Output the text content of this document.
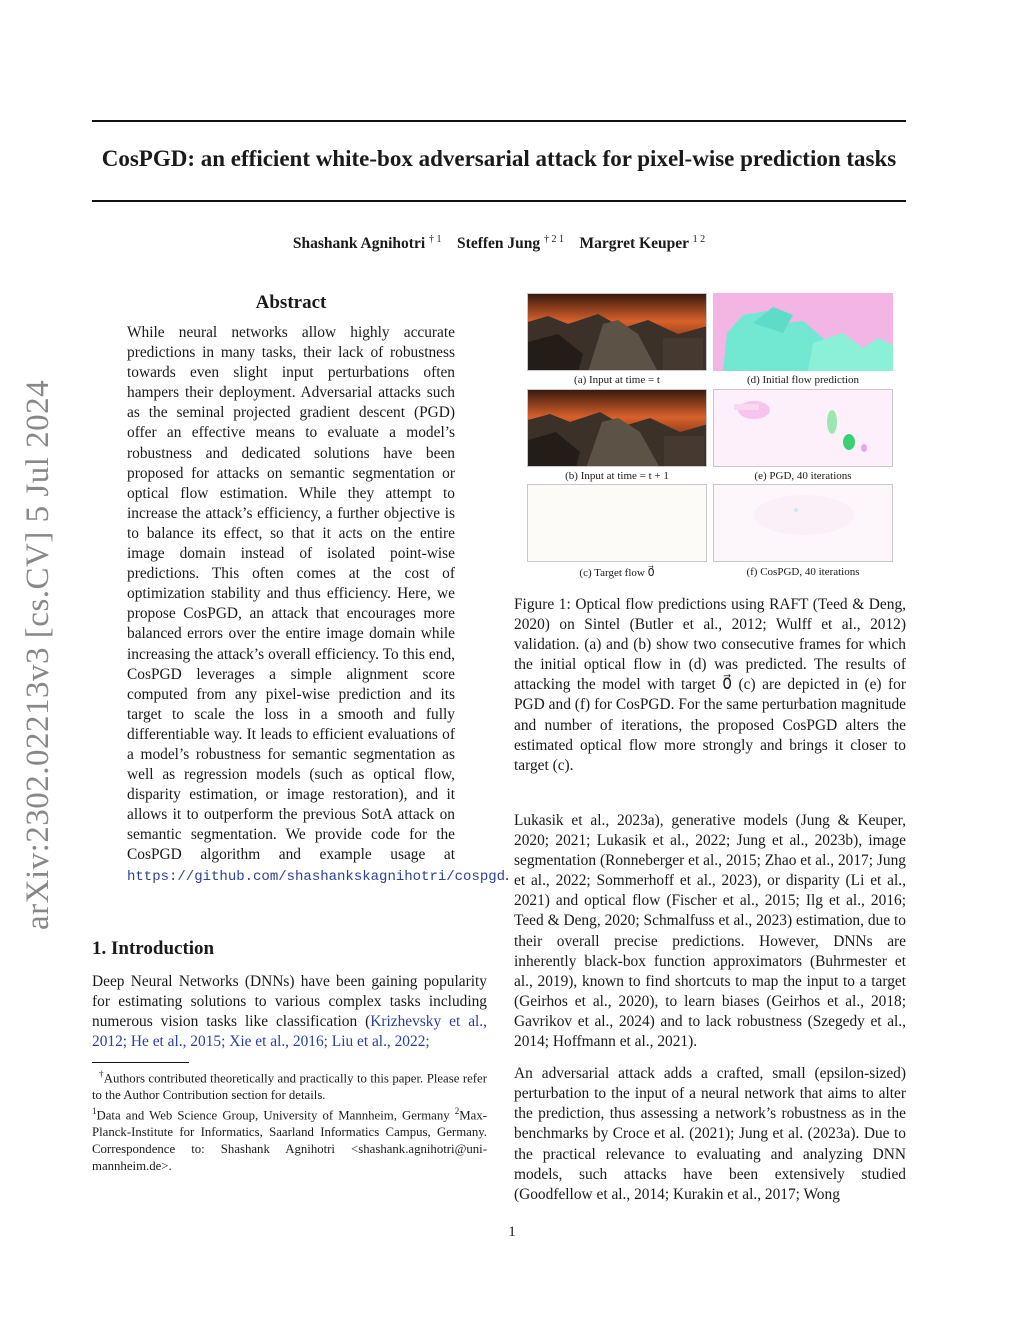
CosPGD: an efficient white-box adversarial attack for pixel-wise prediction tasks
Shashank Agnihotri $^{\dagger 1}$ Steffen Jung $^{\dagger 2 1}$ Margret Keuper $^{1 2}$
arXiv:2302.02213v3 [cs.CV] 5 Jul 2024
Abstract
While neural networks allow highly accurate predictions in many tasks, their lack of robustness towards even slight input perturbations often hampers their deployment. Adversarial attacks such as the seminal projected gradient descent (PGD) offer an effective means to evaluate a model’s robustness and dedicated solutions have been proposed for attacks on semantic segmentation or optical flow estimation. While they attempt to increase the attack’s efficiency, a further objective is to balance its effect, so that it acts on the entire image domain instead of isolated point-wise predictions. This often comes at the cost of optimization stability and thus efficiency. Here, we propose CosPGD, an attack that encourages more balanced errors over the entire image domain while increasing the attack’s overall efficiency. To this end, CosPGD leverages a simple alignment score computed from any pixel-wise prediction and its target to scale the loss in a smooth and fully differentiable way. It leads to efficient evaluations of a model’s robustness for semantic segmentation as well as regression models (such as optical flow, disparity estimation, or image restoration), and it allows it to outperform the previous SotA attack on semantic segmentation. We provide code for the CosPGD algorithm and example usage at https://github.com/shashankskagnihotri/cospgd.
1. Introduction
Deep Neural Networks (DNNs) have been gaining popularity for estimating solutions to various complex tasks including numerous vision tasks like classification (Krizhevsky et al., 2012; He et al., 2015; Xie et al., 2016; Liu et al., 2022;
†Authors contributed theoretically and practically to this paper. Please refer to the Author Contribution section for details.
$^1$Data and Web Science Group, University of Mannheim, Germany $^2$Max-Planck-Institute for Informatics, Saarland Informatics Campus, Germany. Correspondence to: Shashank Agnihotri <shashank.agnihotri@uni-mannheim.de>.
(a) Input at time = t	(d) Initial flow prediction
(b) Input at time = t + 1	(e) PGD, 40 iterations
(c) Target flow 0⃗	(f) CosPGD, 40 iterations
Figure 1: Optical flow predictions using RAFT (Teed & Deng, 2020) on Sintel (Butler et al., 2012; Wulff et al., 2012) validation. (a) and (b) show two consecutive frames for which the initial optical flow in (d) was predicted. The results of attacking the model with target 0⃗ (c) are depicted in (e) for PGD and (f) for CosPGD. For the same perturbation magnitude and number of iterations, the proposed CosPGD alters the estimated optical flow more strongly and brings it closer to target (c).

Lukasik et al., 2023a), generative models (Jung & Keuper, 2020; 2021; Lukasik et al., 2022; Jung et al., 2023b), image segmentation (Ronneberger et al., 2015; Zhao et al., 2017; Jung et al., 2022; Sommerhoff et al., 2023), or disparity (Li et al., 2021) and optical flow (Fischer et al., 2015; Ilg et al., 2016; Teed & Deng, 2020; Schmalfuss et al., 2023) estimation, due to their overall precise predictions. However, DNNs are inherently black-box function approximators (Buhrmester et al., 2019), known to find shortcuts to map the input to a target (Geirhos et al., 2020), to learn biases (Geirhos et al., 2018; Gavrikov et al., 2024) and to lack robustness (Szegedy et al., 2014; Hoffmann et al., 2021).

An adversarial attack adds a crafted, small (epsilon-sized) perturbation to the input of a neural network that aims to alter the prediction, thus assessing a network’s robustness as in the benchmarks by Croce et al. (2021); Jung et al. (2023a). Due to the practical relevance to evaluating and analyzing DNN models, such attacks have been extensively studied (Goodfellow et al., 2014; Kurakin et al., 2017; Wong

1
